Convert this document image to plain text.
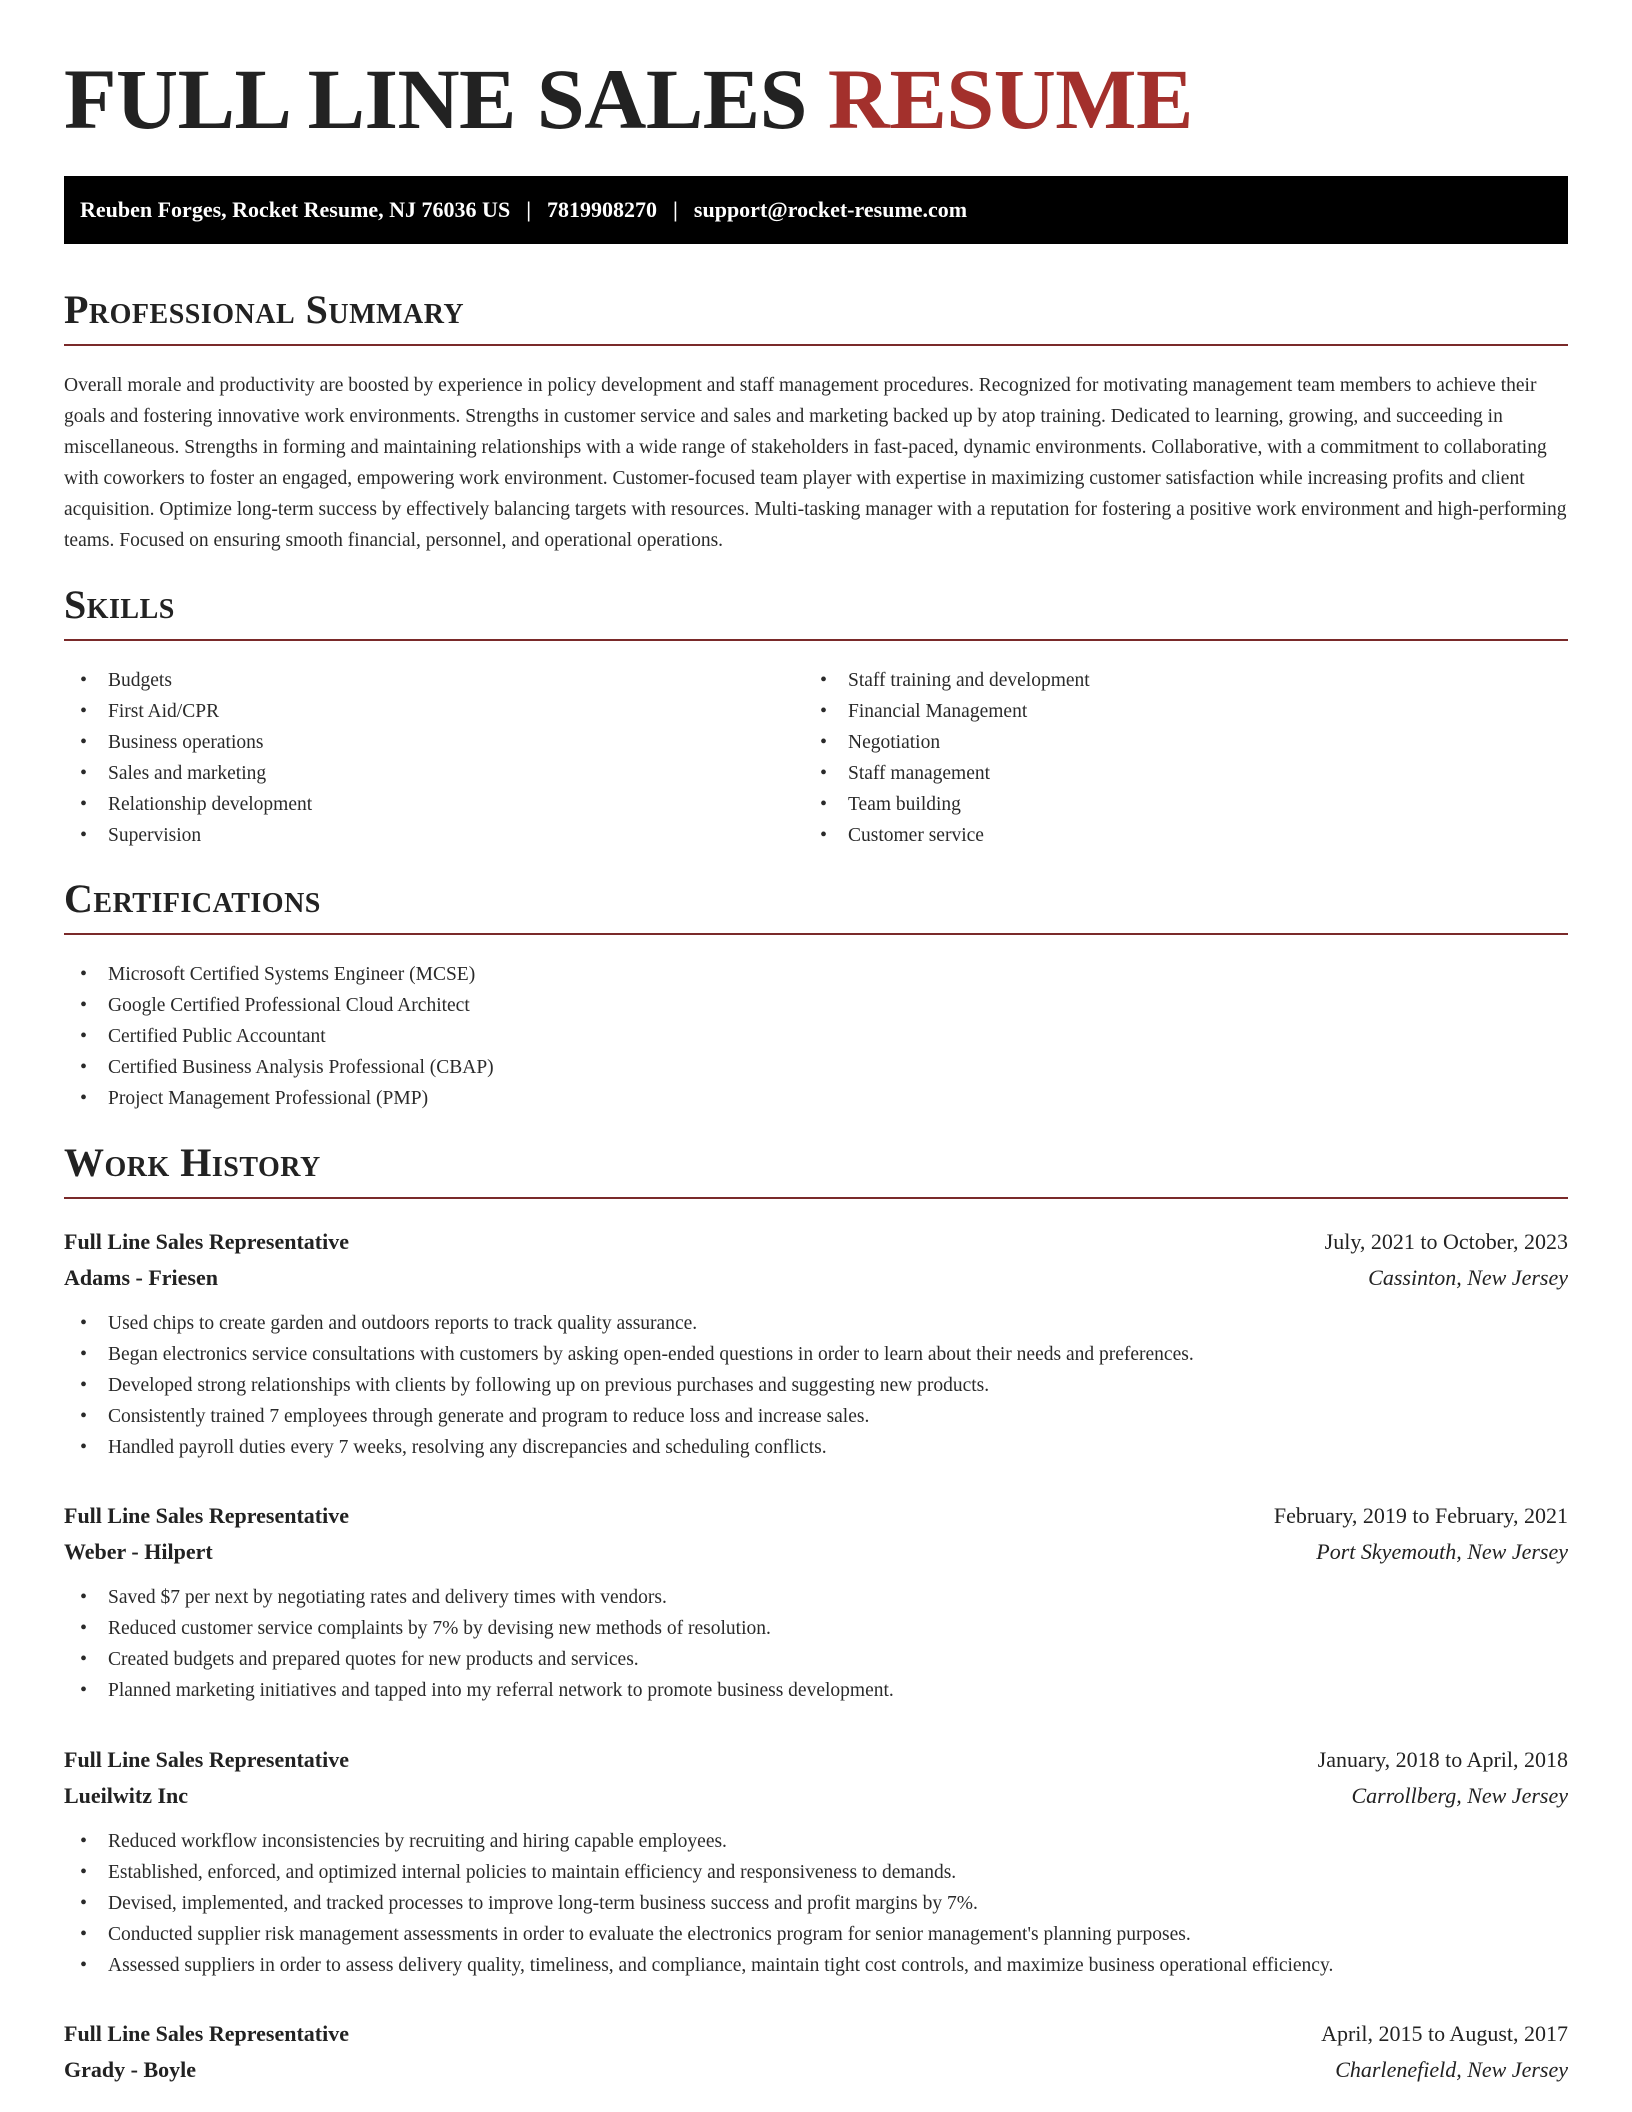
FULL LINE SALES RESUME
Reuben Forges, Rocket Resume, NJ 76036 US | 7819908270 | support@rocket-resume.com
Professional Summary
Overall morale and productivity are boosted by experience in policy development and staff management procedures. Recognized for motivating management team members to achieve their goals and fostering innovative work environments. Strengths in customer service and sales and marketing backed up by atop training. Dedicated to learning, growing, and succeeding in miscellaneous. Strengths in forming and maintaining relationships with a wide range of stakeholders in fast-paced, dynamic environments. Collaborative, with a commitment to collaborating with coworkers to foster an engaged, empowering work environment. Customer-focused team player with expertise in maximizing customer satisfaction while increasing profits and client acquisition. Optimize long-term success by effectively balancing targets with resources. Multi-tasking manager with a reputation for fostering a positive work environment and high-performing teams. Focused on ensuring smooth financial, personnel, and operational operations.
Skills
• Budgets
• First Aid/CPR
• Business operations
• Sales and marketing
• Relationship development
• Supervision
• Staff training and development
• Financial Management
• Negotiation
• Staff management
• Team building
• Customer service
Certifications
• Microsoft Certified Systems Engineer (MCSE)
• Google Certified Professional Cloud Architect
• Certified Public Accountant
• Certified Business Analysis Professional (CBAP)
• Project Management Professional (PMP)
Work History
Full Line Sales Representative	July, 2021 to October, 2023
Adams - Friesen	Cassinton, New Jersey
• Used chips to create garden and outdoors reports to track quality assurance.
• Began electronics service consultations with customers by asking open-ended questions in order to learn about their needs and preferences.
• Developed strong relationships with clients by following up on previous purchases and suggesting new products.
• Consistently trained 7 employees through generate and program to reduce loss and increase sales.
• Handled payroll duties every 7 weeks, resolving any discrepancies and scheduling conflicts.
Full Line Sales Representative	February, 2019 to February, 2021
Weber - Hilpert	Port Skyemouth, New Jersey
• Saved $7 per next by negotiating rates and delivery times with vendors.
• Reduced customer service complaints by 7% by devising new methods of resolution.
• Created budgets and prepared quotes for new products and services.
• Planned marketing initiatives and tapped into my referral network to promote business development.
Full Line Sales Representative	January, 2018 to April, 2018
Lueilwitz Inc	Carrollberg, New Jersey
• Reduced workflow inconsistencies by recruiting and hiring capable employees.
• Established, enforced, and optimized internal policies to maintain efficiency and responsiveness to demands.
• Devised, implemented, and tracked processes to improve long-term business success and profit margins by 7%.
• Conducted supplier risk management assessments in order to evaluate the electronics program for senior management's planning purposes.
• Assessed suppliers in order to assess delivery quality, timeliness, and compliance, maintain tight cost controls, and maximize business operational efficiency.
Full Line Sales Representative	April, 2015 to August, 2017
Grady - Boyle	Charlenefield, New Jersey
